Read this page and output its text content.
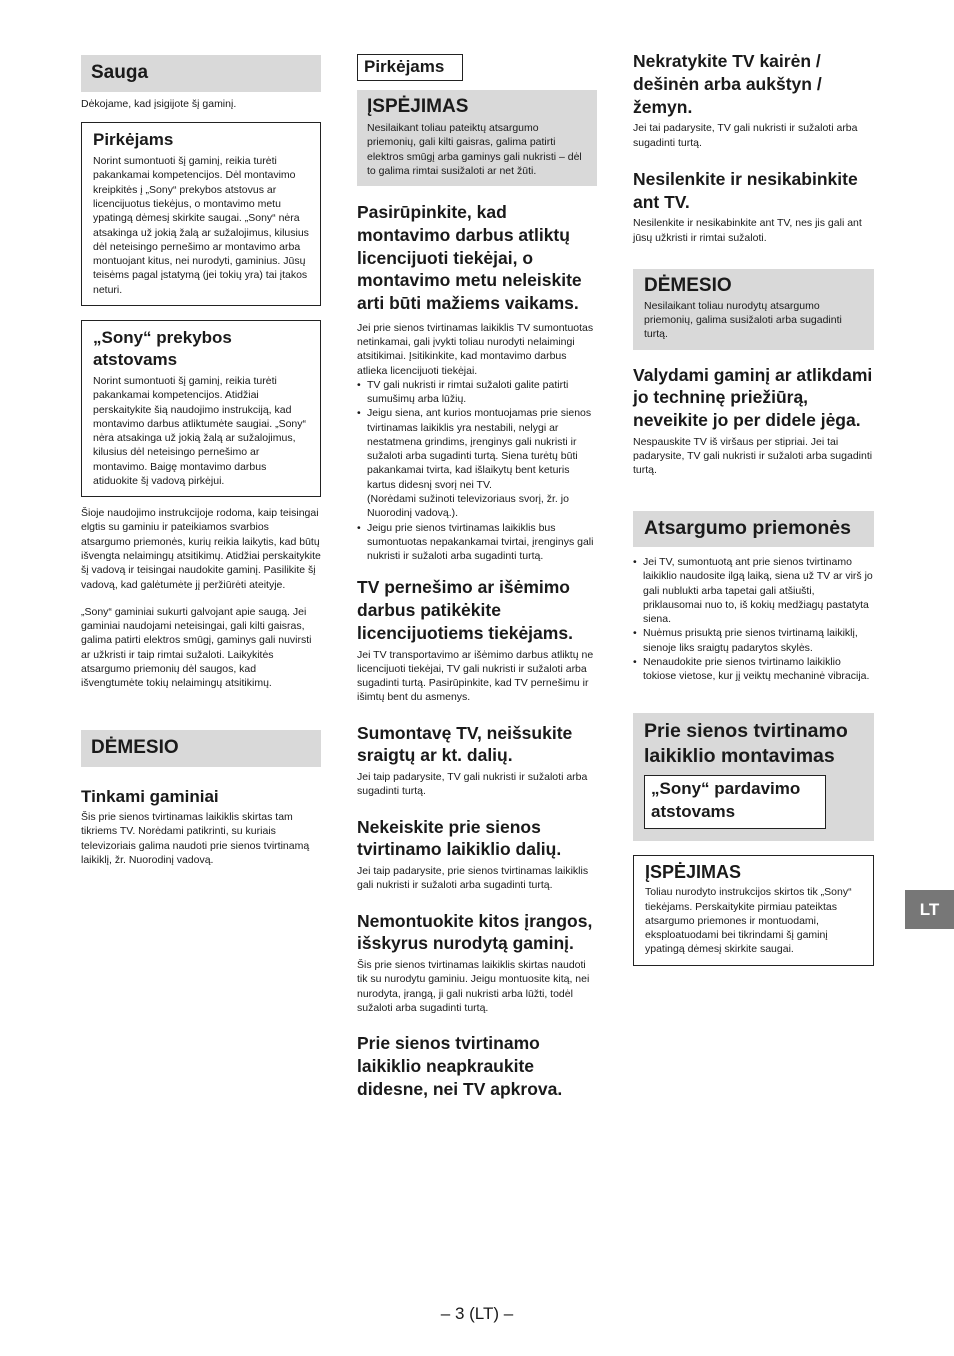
Sauga

Dėkojame, kad įsigijote šį gaminį.

Pirkėjams

Norint sumontuoti šį gaminį, reikia turėti pakankamai kompetencijos. Dėl montavimo kreipkitės į „Sony“ prekybos atstovus ar licencijuotus tiekėjus, o montavimo metu ypatingą dėmesį skirkite saugai. „Sony“ nėra atsakinga už jokią žalą ar sužalojimus, kilusius dėl neteisingo pernešimo ar montavimo arba montuojant kitus, nei nurodyti, gaminius. Jūsų teisėms pagal įstatymą (jei tokių yra) tai įtakos neturi.

„Sony“ prekybos atstovams

Norint sumontuoti šį gaminį, reikia turėti pakankamai kompetencijos. Atidžiai perskaitykite šią naudojimo instrukciją, kad montavimo darbus atliktumėte saugiai. „Sony“ nėra atsakinga už jokią žalą ar sužalojimus, kilusius dėl neteisingo pernešimo ar montavimo. Baigę montavimo darbus atiduokite šį vadovą pirkėjui.

Šioje naudojimo instrukcijoje rodoma, kaip teisingai elgtis su gaminiu ir pateikiamos svarbios atsargumo priemonės, kurių reikia laikytis, kad būtų išvengta nelaimingų atsitikimų. Atidžiai perskaitykite šį vadovą ir teisingai naudokite gaminį. Pasilikite šį vadovą, kad galėtumėte jį peržiūrėti ateityje.

„Sony“ gaminiai sukurti galvojant apie saugą. Jei gaminiai naudojami neteisingai, gali kilti gaisras, galima patirti elektros smūgį, gaminys gali nuvirsti ar užkristi ir taip rimtai sužaloti. Laikykitės atsargumo priemonių dėl saugos, kad išvengtumėte tokių nelaimingų atsitikimų.

DĖMESIO
Tinkami gaminiai

Šis prie sienos tvirtinamas laikiklis skirtas tam tikriems TV. Norėdami patikrinti, su kuriais televizoriais galima naudoti prie sienos tvirtinamą laikiklį, žr. Nuorodinį vadovą.

Pirkėjams
ĮSPĖJIMAS

Nesilaikant toliau pateiktų atsargumo priemonių, gali kilti gaisras, galima patirti elektros smūgį arba gaminys gali nukristi – dėl to galima rimtai susižaloti ar net žūti.

Pasirūpinkite, kad montavimo darbus atliktų licencijuoti tiekėjai, o montavimo metu neleiskite arti būti mažiems vaikams.

Jei prie sienos tvirtinamas laikiklis TV sumontuotas netinkamai, gali įvykti toliau nurodyti nelaimingi atsitikimai. Įsitikinkite, kad montavimo darbus atlieka licencijuoti tiekėjai.

• TV gali nukristi ir rimtai sužaloti galite patirti sumušimų arba lūžių.
• Jeigu siena, ant kurios montuojamas prie sienos tvirtinamas laikiklis yra nestabili, nelygi ar nestatmena grindims, įrenginys gali nukristi ir sužaloti arba sugadinti turtą. Siena turėtų būti pakankamai tvirta, kad išlaikytų bent keturis kartus didesnį svorį nei TV.
(Norėdami sužinoti televizoriaus svorį, žr. jo Nuorodinį vadovą.).
• Jeigu prie sienos tvirtinamas laikiklis bus sumontuotas nepakankamai tvirtai, įrenginys gali nukristi ir sužaloti arba sugadinti turtą.
TV pernešimo ar išėmimo darbus patikėkite licencijuotiems tiekėjams.

Jei TV transportavimo ar išėmimo darbus atliktų ne licencijuoti tiekėjai, TV gali nukristi ir sužaloti arba sugadinti turtą. Pasirūpinkite, kad TV pernešimu ir išimtų bent du asmenys.

Sumontavę TV, neišsukite sraigtų ar kt. dalių.

Jei taip padarysite, TV gali nukristi ir sužaloti arba sugadinti turtą.

Nekeiskite prie sienos tvirtinamo laikiklio dalių.

Jei taip padarysite, prie sienos tvirtinamas laikiklis gali nukristi ir sužaloti arba sugadinti turtą.

Nemontuokite kitos įrangos, išskyrus nurodytą gaminį.

Šis prie sienos tvirtinamas laikiklis skirtas naudoti tik su nurodytu gaminiu. Jeigu montuosite kitą, nei nurodyta, įrangą, ji gali nukristi arba lūžti, todėl sužaloti arba sugadinti turtą.

Prie sienos tvirtinamo laikiklio neapkraukite didesne, nei TV apkrova.
Nekratykite TV kairėn / dešinėn arba aukštyn / žemyn.

Jei tai padarysite, TV gali nukristi ir sužaloti arba sugadinti turtą.

Nesilenkite ir nesikabinkite ant TV.

Nesilenkite ir nesikabinkite ant TV, nes jis gali ant jūsų užkristi ir rimtai sužaloti.

DĖMESIO

Nesilaikant toliau nurodytų atsargumo priemonių, galima susižaloti arba sugadinti turtą.

Valydami gaminį ar atlikdami jo techninę priežiūrą, neveikite jo per didele jėga.

Nespauskite TV iš viršaus per stipriai. Jei tai padarysite, TV gali nukristi ir sužaloti arba sugadinti turtą.

Atsargumo priemonės
• Jei TV, sumontuotą ant prie sienos tvirtinamo laikiklio naudosite ilgą laiką, siena už TV ar virš jo gali nublukti arba tapetai gali atšiušti, priklausomai nuo to, iš kokių medžiagų pastatyta siena.
• Nuėmus prisuktą prie sienos tvirtinamą laikiklį, sienoje liks sraigtų padarytos skylės.
• Nenaudokite prie sienos tvirtinamo laikiklio tokiose vietose, kur jį veiktų mechaninė vibracija.
Prie sienos tvirtinamo laikiklio montavimas
„Sony“ pardavimo atstovams
ĮSPĖJIMAS

Toliau nurodyto instrukcijos skirtos tik „Sony“ tiekėjams. Perskaitykite pirmiau pateiktas atsargumo priemones ir montuodami, eksploatuodami bei tikrindami šį gaminį ypatingą dėmesį skirkite saugai.

LT
– 3 (LT) –
